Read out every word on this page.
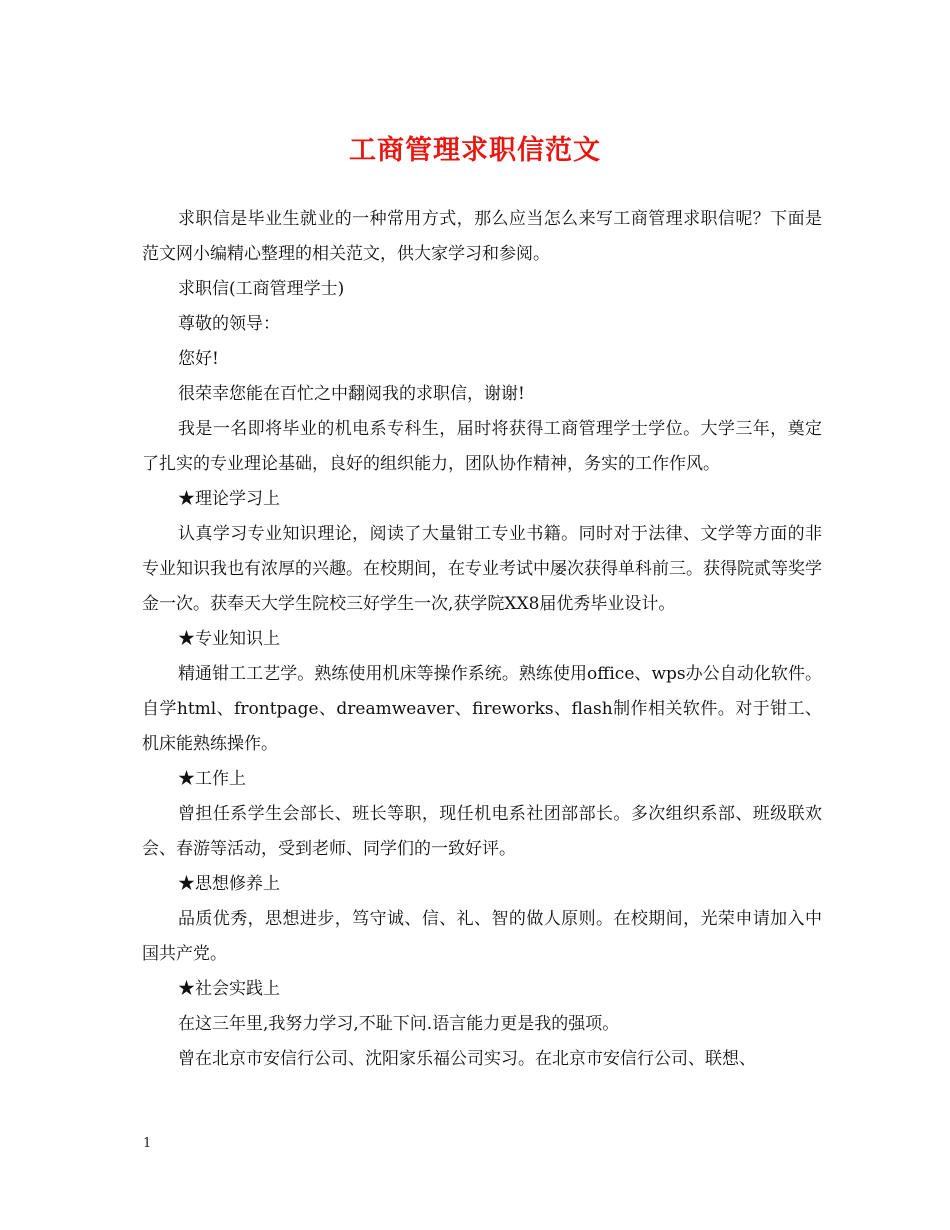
工商管理求职信范文

求职信是毕业生就业的一种常用方式，那么应当怎么来写工商管理求职信呢？下面是范文网小编精心整理的相关范文，供大家学习和参阅。

求职信(工商管理学士)

尊敬的领导：

您好!

很荣幸您能在百忙之中翻阅我的求职信，谢谢!

我是一名即将毕业的机电系专科生，届时将获得工商管理学士学位。大学三年，奠定了扎实的专业理论基础，良好的组织能力，团队协作精神，务实的工作作风。

★理论学习上

认真学习专业知识理论，阅读了大量钳工专业书籍。同时对于法律、文学等方面的非专业知识我也有浓厚的兴趣。在校期间，在专业考试中屡次获得单科前三。获得院贰等奖学金一次。获奉天大学生院校三好学生一次,获学院XX8届优秀毕业设计。

★专业知识上

精通钳工工艺学。熟练使用机床等操作系统。熟练使用office、wps办公自动化软件。自学html、frontpage、dreamweaver、fireworks、flash制作相关软件。对于钳工、机床能熟练操作。

★工作上

曾担任系学生会部长、班长等职，现任机电系社团部部长。多次组织系部、班级联欢会、春游等活动，受到老师、同学们的一致好评。

★思想修养上

品质优秀，思想进步，笃守诚、信、礼、智的做人原则。在校期间，光荣申请加入中国共产党。

★社会实践上

在这三年里,我努力学习,不耻下问.语言能力更是我的强项。

曾在北京市安信行公司、沈阳家乐福公司实习。在北京市安信行公司、联想、

1
